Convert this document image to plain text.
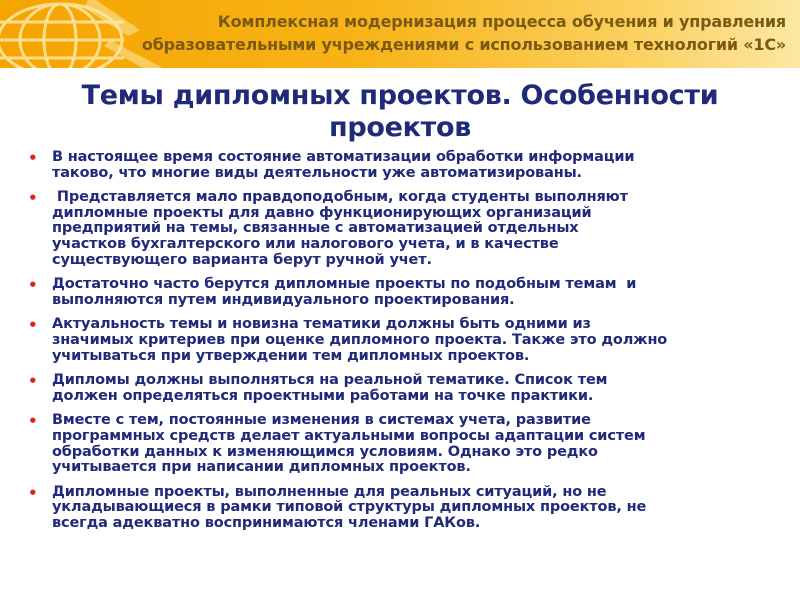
Комплексная модернизация процесса обучения и управления
образовательными учреждениями с использованием технологий «1С»
Темы дипломных проектов. Особенности
проектов
• В настоящее время состояние автоматизации обработки информации
таково, что многие виды деятельности уже автоматизированы.
• Представляется мало правдоподобным, когда студенты выполняют
дипломные проекты для давно функционирующих организаций
предприятий на темы, связанные с автоматизацией отдельных
участков бухгалтерского или налогового учета, и в качестве
существующего варианта берут ручной учет.
• Достаточно часто берутся дипломные проекты по подобным темам  и
выполняются путем индивидуального проектирования.
• Актуальность темы и новизна тематики должны быть одними из
значимых критериев при оценке дипломного проекта. Также это должно
учитываться при утверждении тем дипломных проектов.
• Дипломы должны выполняться на реальной тематике. Список тем
должен определяться проектными работами на точке практики.
• Вместе с тем, постоянные изменения в системах учета, развитие
программных средств делает актуальными вопросы адаптации систем
обработки данных к изменяющимся условиям. Однако это редко
учитывается при написании дипломных проектов.
• Дипломные проекты, выполненные для реальных ситуаций, но не
укладывающиеся в рамки типовой структуры дипломных проектов, не
всегда адекватно воспринимаются членами ГАКов.
